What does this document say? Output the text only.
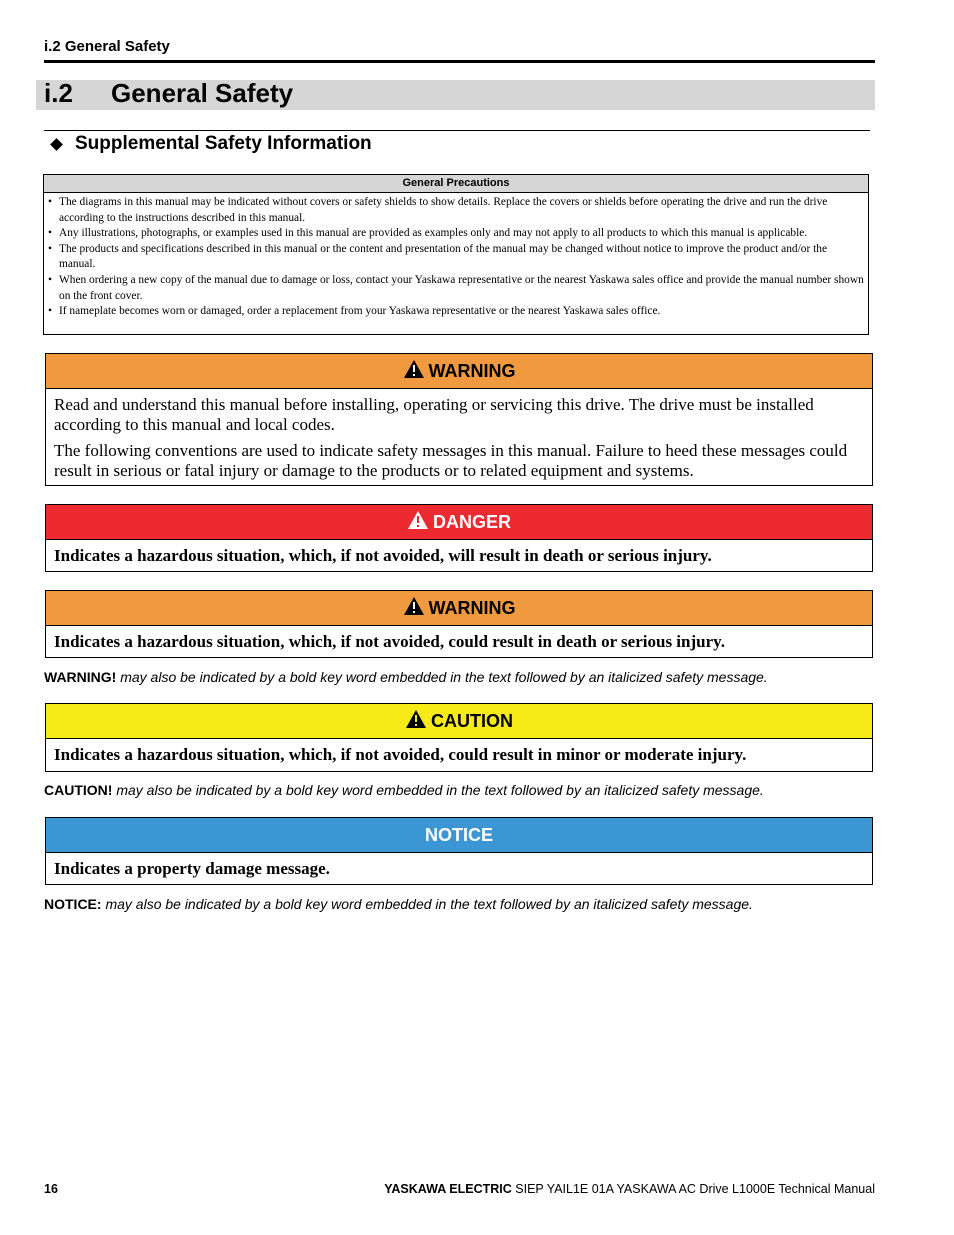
i.2 General Safety
i.2 General Safety
Supplemental Safety Information
General Precautions
• The diagrams in this manual may be indicated without covers or safety shields to show details. Replace the covers or shields before operating the drive and run the drive according to the instructions described in this manual.
• Any illustrations, photographs, or examples used in this manual are provided as examples only and may not apply to all products to which this manual is applicable.
• The products and specifications described in this manual or the content and presentation of the manual may be changed without notice to improve the product and/or the manual.
• When ordering a new copy of the manual due to damage or loss, contact your Yaskawa representative or the nearest Yaskawa sales office and provide the manual number shown on the front cover.
• If nameplate becomes worn or damaged, order a replacement from your Yaskawa representative or the nearest Yaskawa sales office.
WARNING

Read and understand this manual before installing, operating or servicing this drive. The drive must be installed according to this manual and local codes.

The following conventions are used to indicate safety messages in this manual. Failure to heed these messages could result in serious or fatal injury or damage to the products or to related equipment and systems.

DANGER
Indicates a hazardous situation, which, if not avoided, will result in death or serious injury.
WARNING
Indicates a hazardous situation, which, if not avoided, could result in death or serious injury.
WARNING! may also be indicated by a bold key word embedded in the text followed by an italicized safety message.
CAUTION
Indicates a hazardous situation, which, if not avoided, could result in minor or moderate injury.
CAUTION! may also be indicated by a bold key word embedded in the text followed by an italicized safety message.
NOTICE
Indicates a property damage message.
NOTICE: may also be indicated by a bold key word embedded in the text followed by an italicized safety message.
16	YASKAWA ELECTRIC SIEP YAIL1E 01A YASKAWA AC Drive L1000E Technical Manual
